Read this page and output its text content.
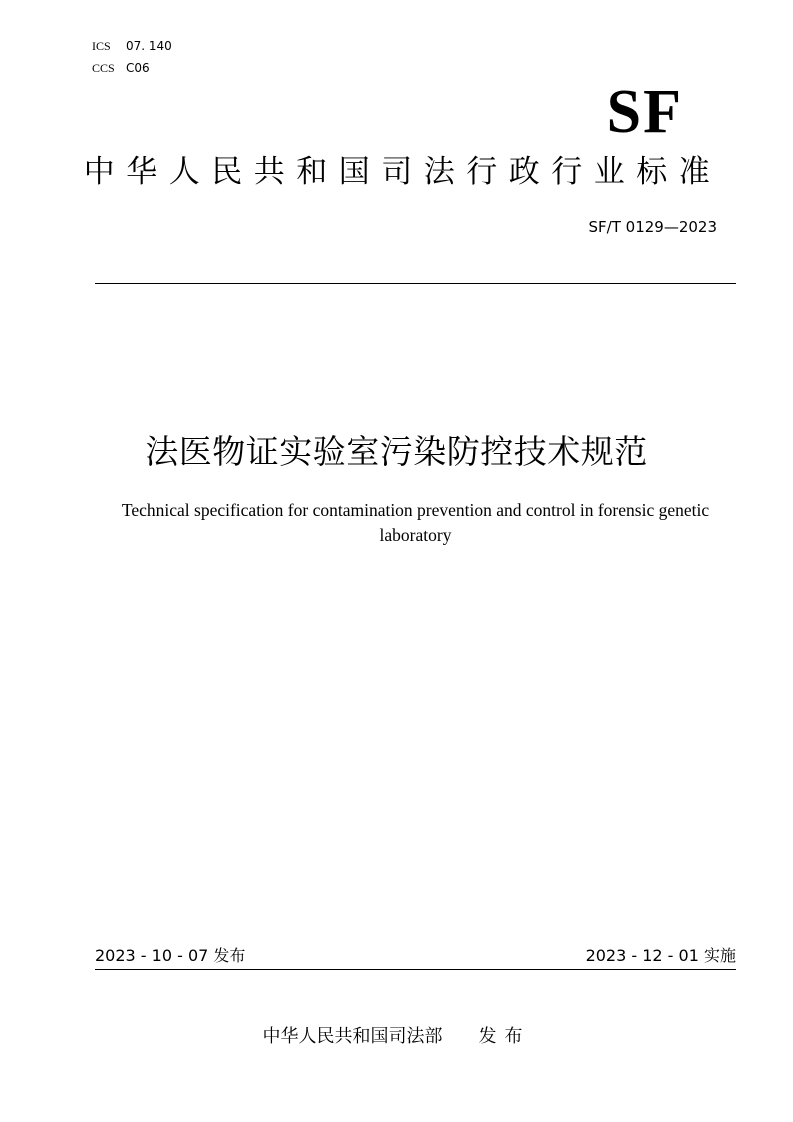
ICS 07. 140
CCS C06
SF
中华人民共和国司法行政行业标准
SF/T 0129—2023
法医物证实验室污染防控技术规范
Technical specification for contamination prevention and control in forensic genetic laboratory
2023 - 10 - 07 发布	2023 - 12 - 01 实施
中华人民共和国司法部 发布
